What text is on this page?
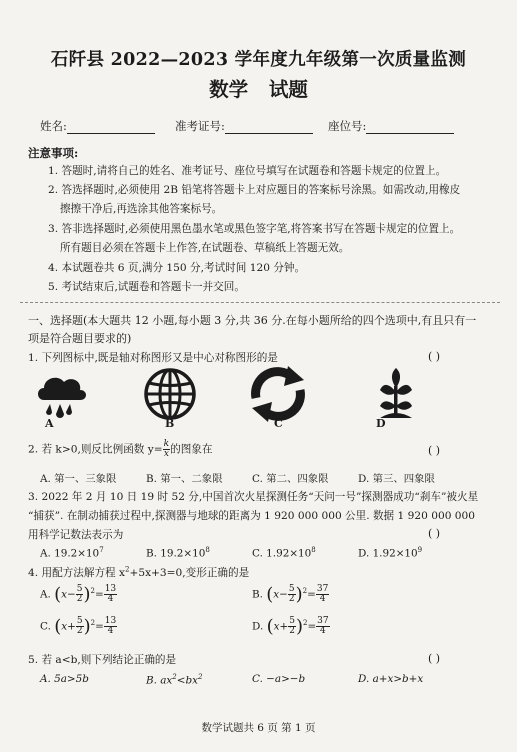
石阡县 2022—2023 学年度九年级第一次质量监测
数学 试题
姓名:	准考证号:	座位号:
注意事项:
1. 答题时,请将自己的姓名、准考证号、座位号填写在试题卷和答题卡规定的位置上。
2. 答选择题时,必须使用 2B 铅笔将答题卡上对应题目的答案标号涂黑。如需改动,用橡皮
擦擦干净后,再选涂其他答案标号。
3. 答非选择题时,必须使用黑色墨水笔或黑色签字笔,将答案书写在答题卡规定的位置上。
所有题目必须在答题卡上作答,在试题卷、草稿纸上答题无效。
4. 本试题卷共 6 页,满分 150 分,考试时间 120 分钟。
5. 考试结束后,试题卷和答题卡一并交回。
一、选择题(本大题共 12 小题,每小题 3 分,共 36 分.在每小题所给的四个选项中,有且只有一
项是符合题目要求的)
1. 下列图标中,既是轴对称图形又是中心对称图形的是	( )
A	B	C	D
2. 若 k>0,则反比例函数 $y= \frac{k}{x}$ 的图象在	( )
A. 第一、三象限	B. 第一、二象限	C. 第二、四象限	D. 第三、四象限
3. 2022 年 2 月 10 日 19 时 52 分,中国首次火星探测任务“天问一号”探测器成功“刹车”被火星
“捕获”. 在制动捕获过程中,探测器与地球的距离为 1 920 000 000 公里. 数据 1 920 000 000
用科学记数法表示为	( )
A. $19.2\times 10^7$	B. $19.2\times 10^8$	C. $1.92\times 10^8$	D. $1.92\times 10^9$
4. 用配方法解方程 $x^2+5x+3=0$,变形正确的是
A. $(x- \frac{5}{2} )^2= \frac{13}{4}$	B. $(x- \frac{5}{2} )^2= \frac{37}{4}$
C. $(x+ \frac{5}{2} )^2= \frac{13}{4}$	D. $(x+ \frac{5}{2} )^2= \frac{37}{4}$
5. 若 a<b,则下列结论正确的是	( )
A. 5a>5b	B. $ax^2<bx^2$	C. −a>−b	D. a+x>b+x
数学试题共 6 页 第 1 页
